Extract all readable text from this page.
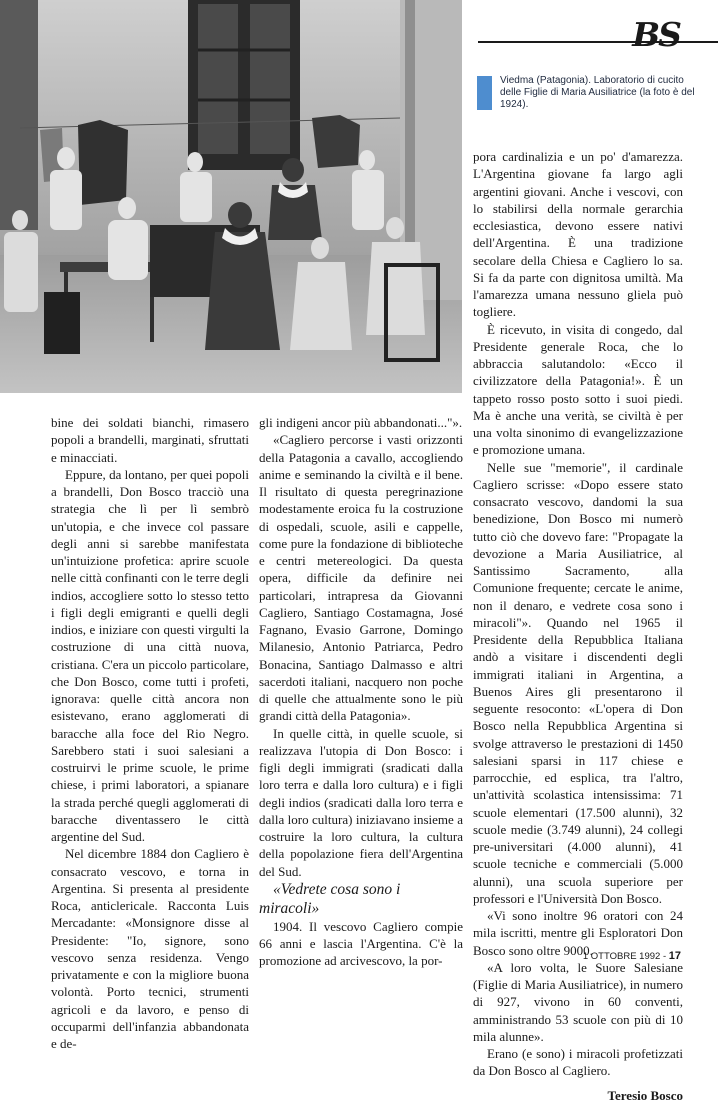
BS
Viedma (Patagonia). Laboratorio di cucito delle Figlie di Maria Ausiliatrice (la foto è del 1924).

bine dei soldati bianchi, rimasero popoli a brandelli, marginati, sfruttati e minacciati.

Eppure, da lontano, per quei popoli a brandelli, Don Bosco tracciò una strategia che lì per lì sembrò un'utopia, e che invece col passare degli anni si sarebbe manifestata un'intuizione profetica: aprire scuole nelle città confinanti con le terre degli indios, accogliere sotto lo stesso tetto i figli degli emigranti e quelli degli indios, e iniziare con questi virgulti la costruzione di una città nuova, cristiana. C'era un piccolo particolare, che Don Bosco, come tutti i profeti, ignorava: quelle città ancora non esistevano, erano agglomerati di baracche alla foce del Rio Negro. Sarebbero stati i suoi salesiani a costruirvi le prime scuole, le prime chiese, i primi laboratori, a spianare la strada perché quegli agglomerati di baracche diventassero le città argentine del Sud.

Nel dicembre 1884 don Cagliero è consacrato vescovo, e torna in Argentina. Si presenta al presidente Roca, anticlericale. Racconta Luis Mercadante: «Monsignore disse al Presidente: "Io, signore, sono vescovo senza residenza. Vengo privatamente e con la migliore buona volontà. Porto tecnici, strumenti agricoli e da lavoro, e penso di occuparmi dell'infanzia abbandonata e de-

gli indigeni ancor più abbandonati..."».

«Cagliero percorse i vasti orizzonti della Patagonia a cavallo, accogliendo anime e seminando la civiltà e il bene. Il risultato di questa peregrinazione modestamente eroica fu la costruzione di ospedali, scuole, asili e cappelle, come pure la fondazione di biblioteche e centri metereologici. Da questa opera, difficile da definire nei particolari, intrapresa da Giovanni Cagliero, Santiago Costamagna, José Fagnano, Evasio Garrone, Domingo Milanesio, Antonio Patriarca, Pedro Bonacina, Santiago Dalmasso e altri sacerdoti italiani, nacquero non poche di quelle che attualmente sono le più grandi città della Patagonia».

In quelle città, in quelle scuole, si realizzava l'utopia di Don Bosco: i figli degli immigrati (sradicati dalla loro terra e dalla loro cultura) e i figli degli indios (sradicati dalla loro terra e dalla loro cultura) iniziavano insieme a costruire la loro cultura, la cultura della popolazione fiera dell'Argentina del Sud.

«Vedrete cosa sono i miracoli»

1904. Il vescovo Cagliero compie 66 anni e lascia l'Argentina. C'è la promozione ad arcivescovo, la por-

pora cardinalizia e un po' d'amarezza. L'Argentina giovane fa largo agli argentini giovani. Anche i vescovi, con lo stabilirsi della normale gerarchia ecclesiastica, devono essere nativi dell'Argentina. È una tradizione secolare della Chiesa e Cagliero lo sa. Si fa da parte con dignitosa umiltà. Ma l'amarezza umana nessuno gliela può togliere.

È ricevuto, in visita di congedo, dal Presidente generale Roca, che lo abbraccia salutandolo: «Ecco il civilizzatore della Patagonia!». È un tappeto rosso posto sotto i suoi piedi. Ma è anche una verità, se civiltà è per una volta sinonimo di evangelizzazione e promozione umana.

Nelle sue "memorie", il cardinale Cagliero scrisse: «Dopo essere stato consacrato vescovo, dandomi la sua benedizione, Don Bosco mi numerò tutto ciò che dovevo fare: "Propagate la devozione a Maria Ausiliatrice, al Santissimo Sacramento, alla Comunione frequente; cercate le anime, non il denaro, e vedrete cosa sono i miracoli"». Quando nel 1965 il Presidente della Repubblica Italiana andò a visitare i discendenti degli immigrati italiani in Argentina, a Buenos Aires gli presentarono il seguente resoconto: «L'opera di Don Bosco nella Repubblica Argentina si svolge attraverso le prestazioni di 1450 salesiani sparsi in 117 chiese e parrocchie, ed esplica, tra l'altro, un'attività scolastica intensissima: 71 scuole elementari (17.500 alunni), 32 scuole medie (3.749 alunni), 24 collegi pre-universitari (4.000 alunni), 41 scuole tecniche e commerciali (5.000 alunni), una scuola superiore per professori e l'Università Don Bosco.

«Vi sono inoltre 96 oratori con 24 mila iscritti, mentre gli Esploratori Don Bosco sono oltre 9000.

«A loro volta, le Suore Salesiane (Figlie di Maria Ausiliatrice), in numero di 927, vivono in 60 conventi, amministrando 53 scuole con più di 10 mila alunne».

Erano (e sono) i miracoli profetizzati da Don Bosco al Cagliero.

Teresio Bosco
1 OTTOBRE 1992 - 17
